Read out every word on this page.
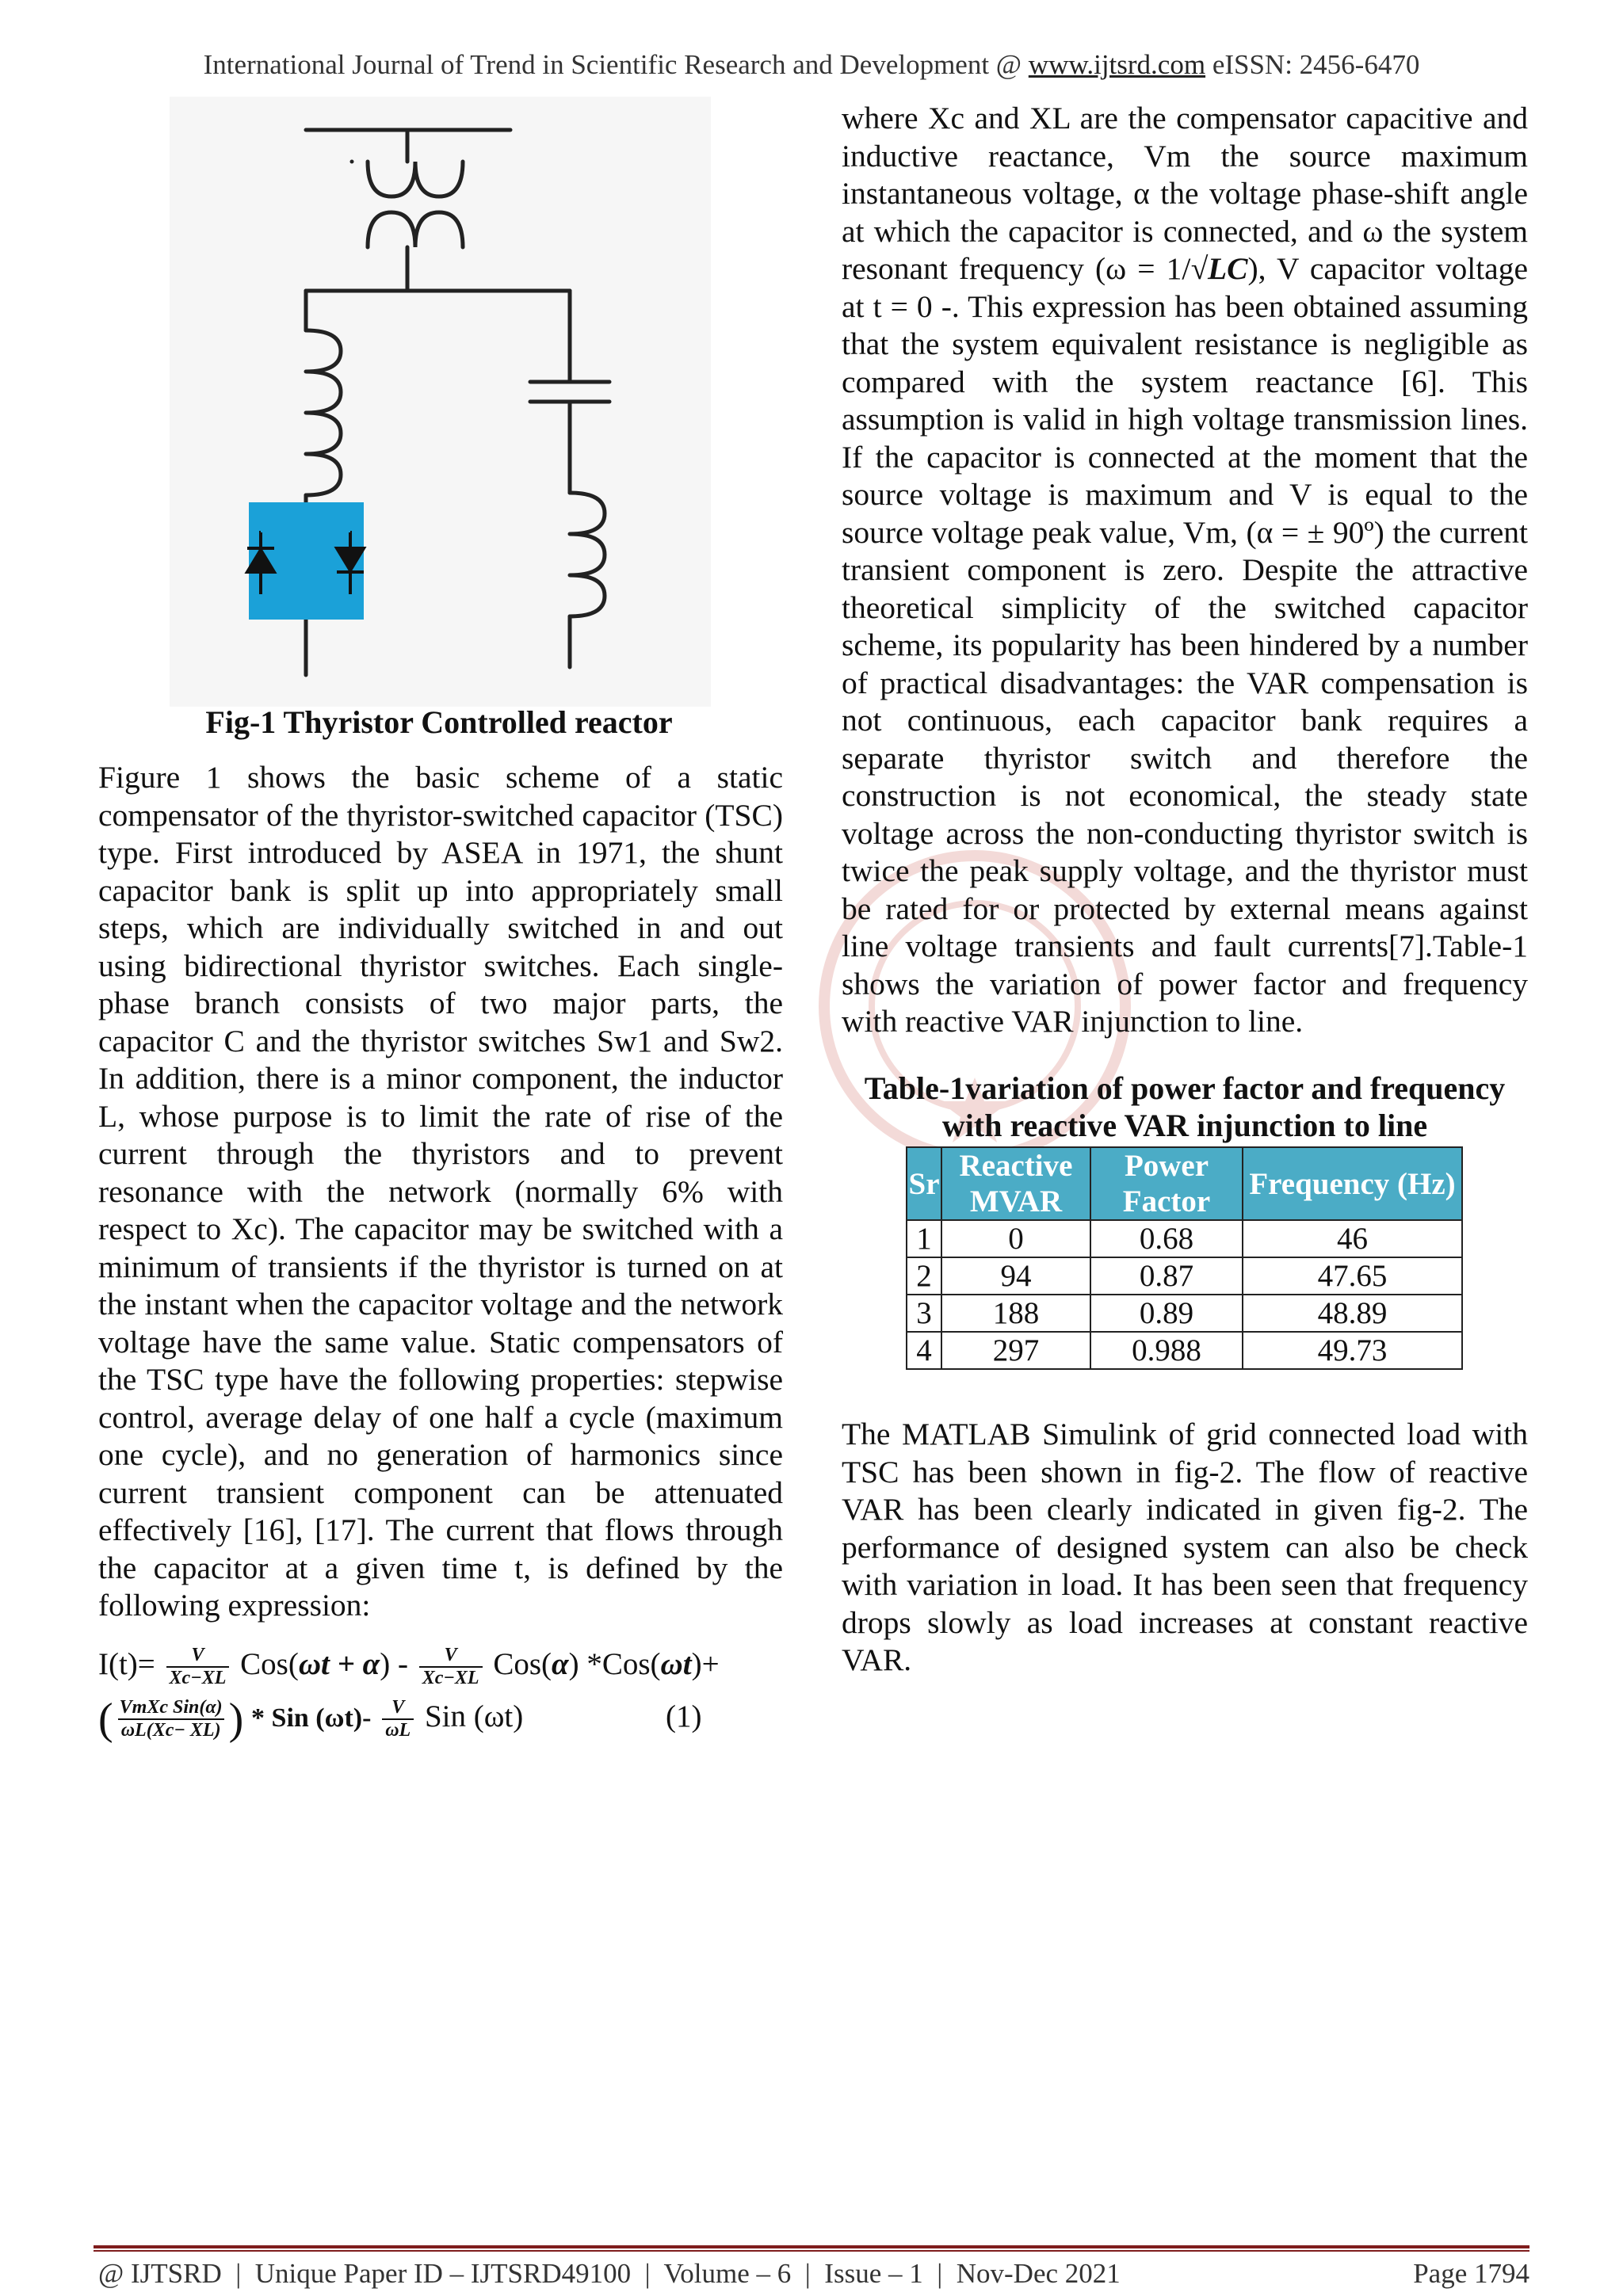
International Journal of Trend in Scientific Research and Development @ www.ijtsrd.com eISSN: 2456-6470
Fig-1 Thyristor Controlled reactor

Figure 1 shows the basic scheme of a static compensator of the thyristor-switched capacitor (TSC) type. First introduced by ASEA in 1971, the shunt capacitor bank is split up into appropriately small steps, which are individually switched in and out using bidirectional thyristor switches. Each single-phase branch consists of two major parts, the capacitor C and the thyristor switches Sw1 and Sw2. In addition, there is a minor component, the inductor L, whose purpose is to limit the rate of rise of the current through the thyristors and to prevent resonance with the network (normally 6% with respect to Xc). The capacitor may be switched with a minimum of transients if the thyristor is turned on at the instant when the capacitor voltage and the network voltage have the same value. Static compensators of the TSC type have the following properties: stepwise control, average delay of one half a cycle (maximum one cycle), and no generation of harmonics since current transient component can be attenuated effectively [16], [17]. The current that flows through the capacitor at a given time t, is defined by the following expression:

$I(t)= \frac{V}{Xc-XL} Cos(\omega t + \alpha) - \frac{V}{Xc-XL} Cos(\alpha)$ *Cos(ωt)+
( $\frac{\text{VmXc Sin(α)}}{\omega L(Xc- XL)}$ ) * Sin $(\omega t)- \frac{V}{\omega L}$ Sin (ωt)	(1)

where Xc and XL are the compensator capacitive and inductive reactance, Vm the source maximum instantaneous voltage, α the voltage phase-shift angle at which the capacitor is connected, and ω the system resonant frequency (ω = 1/√LC), V capacitor voltage at t = 0 -. This expression has been obtained assuming that the system equivalent resistance is negligible as compared with the system reactance [6]. This assumption is valid in high voltage transmission lines. If the capacitor is connected at the moment that the source voltage is maximum and V is equal to the source voltage peak value, Vm, (α = ± 90º) the current transient component is zero. Despite the attractive theoretical simplicity of the switched capacitor scheme, its popularity has been hindered by a number of practical disadvantages: the VAR compensation is not continuous, each capacitor bank requires a separate thyristor switch and therefore the construction is not economical, the steady state voltage across the non-conducting thyristor switch is twice the peak supply voltage, and the thyristor must be rated for or protected by external means against line voltage transients and fault currents[7].Table-1 shows the variation of power factor and frequency with reactive VAR injunction to line.

Table-1variation of power factor and frequency with reactive VAR injunction to line
Sr	Reactive MVAR	Power Factor	Frequency (Hz)
1	0	0.68	46
2	94	0.87	47.65
3	188	0.89	48.89
4	297	0.988	49.73

The MATLAB Simulink of grid connected load with TSC has been shown in fig-2. The flow of reactive VAR has been clearly indicated in given fig-2. The performance of designed system can also be check with variation in load. It has been seen that frequency drops slowly as load increases at constant reactive VAR.

@ IJTSRD  |  Unique Paper ID – IJTSRD49100  |  Volume – 6  |  Issue – 1  |  Nov-Dec 2021	Page 1794
